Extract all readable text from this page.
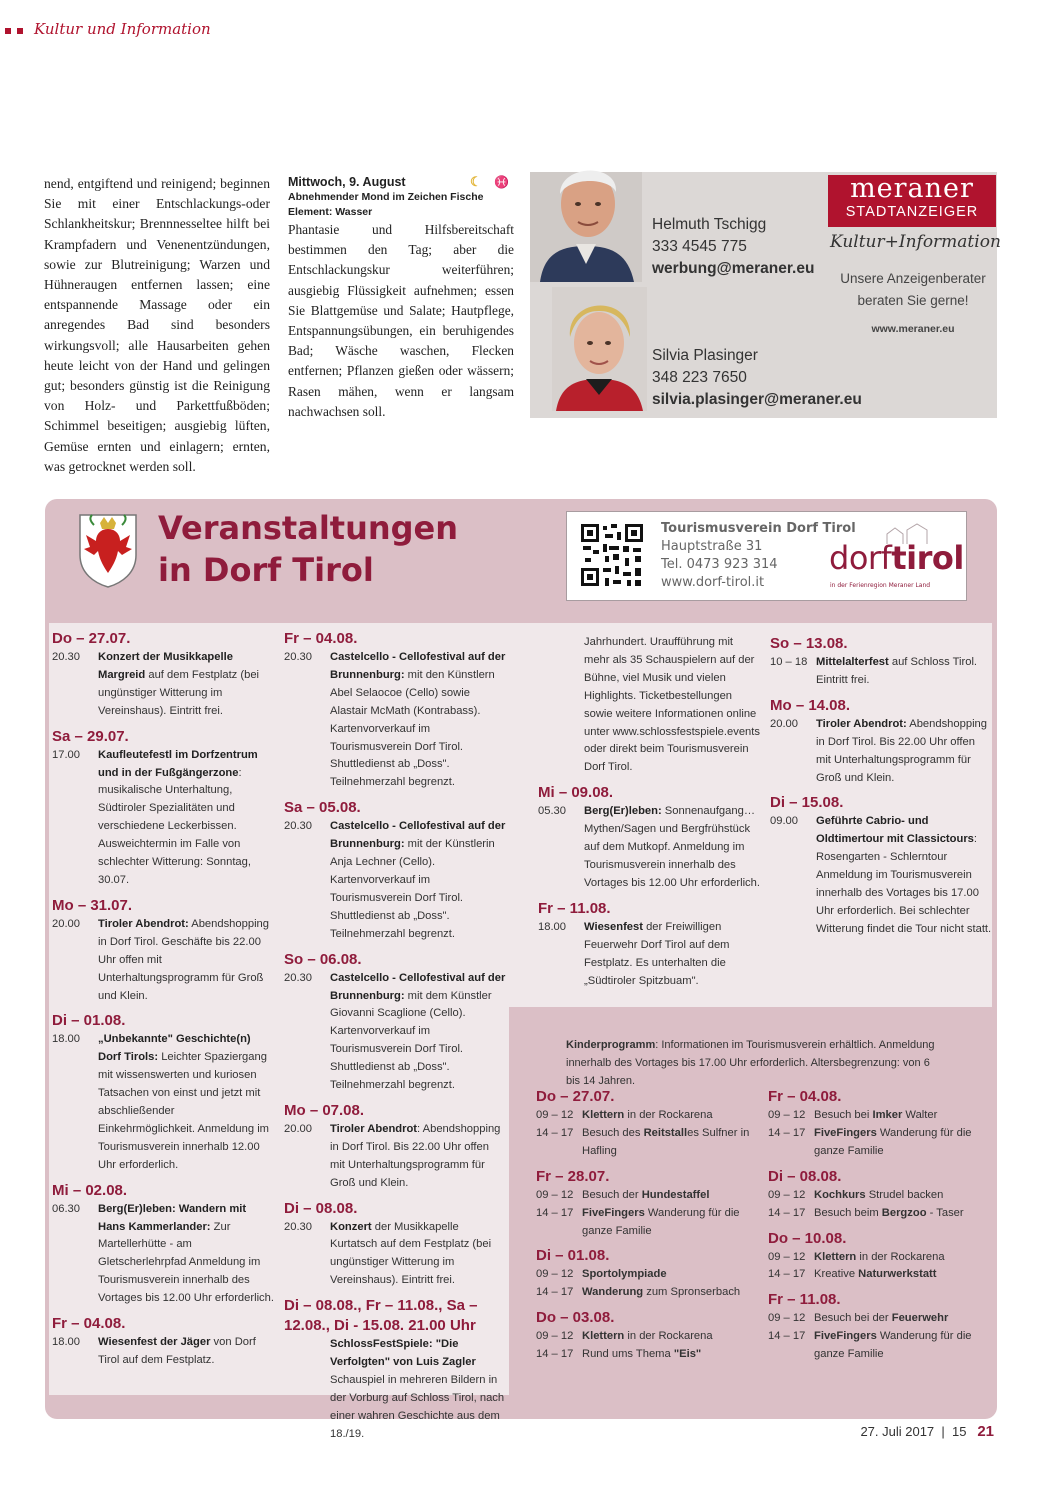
Kultur und Information

nend, entgiftend und reinigend; beginnen Sie mit einer Entschlackungs-oder Schlankheitskur; Brennnesseltee hilft bei Krampfadern und Venenentzündungen, sowie zur Blutreinigung; Warzen und Hühneraugen entfernen lassen; eine entspannende Massage oder ein anregendes Bad sind besonders wirkungsvoll; alle Hausarbeiten gehen heute leicht von der Hand und gelingen gut; besonders günstig ist die Reinigung von Holz- und Parkettfußböden; Schimmel beseitigen; ausgiebig lüften, Gemüse ernten und einlagern; ernten, was getrocknet werden soll.

Mittwoch, 9. August	☾ ♓
Abnehmender Mond im Zeichen Fische
Element: Wasser

Phantasie und Hilfsbereitschaft bestimmen den Tag; aber die Entschlackungskur weiterführen; ausgiebig Flüssigkeit aufnehmen; essen Sie Blattgemüse und Salate; Hautpflege, Entspannungsübungen, ein beruhigendes Bad; Wäsche waschen, Flecken entfernen; Pflanzen gießen oder wässern; Rasen mähen, wenn er langsam nachwachsen soll.

Helmuth Tschigg
333 4545 775
werbung@meraner.eu
Silvia Plasinger
348 223 7650
silvia.plasinger@meraner.eu
meraner
STADTANZEIGER
Kultur+Information
Unsere Anzeigenberater beraten Sie gerne!
www.meraner.eu
Veranstaltungen
in Dorf Tirol
Tourismusverein Dorf Tirol
Hauptstraße 31
Tel. 0473 923 314
www.dorf-tirol.it
dorftirol
in der Ferienregion Meraner Land
Do – 27.07.
20.30	Konzert der Musikkapelle Margreid auf dem Festplatz (bei ungünstiger Witterung im Vereinshaus). Eintritt frei.
Sa – 29.07.
17.00	Kaufleutefestl im Dorfzentrum und in der Fußgängerzone: musikalische Unterhaltung, Südtiroler Spezialitäten und verschiedene Leckerbissen. Ausweichtermin im Falle von schlechter Witterung: Sonntag, 30.07.
Mo – 31.07.
20.00	Tiroler Abendrot: Abendshopping in Dorf Tirol. Geschäfte bis 22.00 Uhr offen mit Unterhaltungsprogramm für Groß und Klein.
Di – 01.08.
18.00	„Unbekannte" Geschichte(n) Dorf Tirols: Leichter Spaziergang mit wissenswerten und kuriosen Tatsachen von einst und jetzt mit abschließender Einkehrmöglichkeit. Anmeldung im Tourismusverein innerhalb 12.00 Uhr erforderlich.
Mi – 02.08.
06.30	Berg(Er)leben: Wandern mit Hans Kammerlander: Zur Martellerhütte - am Gletscherlehrpfad Anmeldung im Tourismusverein innerhalb des Vortages bis 12.00 Uhr erforderlich.
Fr – 04.08.
18.00	Wiesenfest der Jäger von Dorf Tirol auf dem Festplatz.
Fr – 04.08.
20.30	Castelcello - Cellofestival auf der Brunnenburg: mit den Künstlern Abel Selaocoe (Cello) sowie Alastair McMath (Kontrabass). Kartenvorverkauf im Tourismusverein Dorf Tirol. Shuttledienst ab „Doss". Teilnehmerzahl begrenzt.
Sa – 05.08.
20.30	Castelcello - Cellofestival auf der Brunnenburg: mit der Künstlerin Anja Lechner (Cello). Kartenvorverkauf im Tourismusverein Dorf Tirol. Shuttledienst ab „Doss". Teilnehmerzahl begrenzt.
So – 06.08.
20.30	Castelcello - Cellofestival auf der Brunnenburg: mit dem Künstler Giovanni Scaglione (Cello). Kartenvorverkauf im Tourismusverein Dorf Tirol. Shuttledienst ab „Doss". Teilnehmerzahl begrenzt.
Mo – 07.08.
20.00	Tiroler Abendrot: Abendshopping in Dorf Tirol. Bis 22.00 Uhr offen mit Unterhaltungsprogramm für Groß und Klein.
Di – 08.08.
20.30	Konzert der Musikkapelle Kurtatsch auf dem Festplatz (bei ungünstiger Witterung im Vereinshaus). Eintritt frei.
Di – 08.08., Fr – 11.08., Sa – 12.08., Di - 15.08. 21.00 Uhr
SchlossFestSpiele: "Die Verfolgten" von Luis Zagler Schauspiel in mehreren Bildern in der Vorburg auf Schloss Tirol, nach einer wahren Geschichte aus dem 18./19.
Jahrhundert. Uraufführung mit mehr als 35 Schauspielern auf der Bühne, viel Musik und vielen Highlights. Ticketbestellungen sowie weitere Informationen online unter www.schlossfestspiele.events oder direkt beim Tourismusverein Dorf Tirol.
Mi – 09.08.
05.30	Berg(Er)leben: Sonnenaufgang… Mythen/Sagen und Bergfrühstück auf dem Mutkopf. Anmeldung im Tourismusverein innerhalb des Vortages bis 12.00 Uhr erforderlich.
Fr – 11.08.
18.00	Wiesenfest der Freiwilligen Feuerwehr Dorf Tirol auf dem Festplatz. Es unterhalten die „Südtiroler Spitzbuam".
So – 13.08.
10 – 18 Mittelalterfest auf Schloss Tirol. Eintritt frei.
Mo – 14.08.
20.00	Tiroler Abendrot: Abendshopping in Dorf Tirol. Bis 22.00 Uhr offen mit Unterhaltungsprogramm für Groß und Klein.
Di – 15.08.
09.00	Geführte Cabrio- und Oldtimertour mit Classictours: Rosengarten - Schlerntour Anmeldung im Tourismusverein innerhalb des Vortages bis 17.00 Uhr erforderlich. Bei schlechter Witterung findet die Tour nicht statt.
Kinderprogramm: Informationen im Tourismusverein erhältlich. Anmeldung innerhalb des Vortages bis 17.00 Uhr erforderlich. Altersbegrenzung: von 6 bis 14 Jahren.
Do – 27.07.
09 – 12 Klettern in der Rockarena
14 – 17 Besuch des Reitstalles Sulfner in Hafling
Fr – 28.07.
09 – 12 Besuch der Hundestaffel
14 – 17 FiveFingers Wanderung für die ganze Familie
Di – 01.08.
09 – 12 Sportolympiade
14 – 17 Wanderung zum Spronserbach
Do – 03.08.
09 – 12 Klettern in der Rockarena
14 – 17 Rund ums Thema "Eis"
Fr – 04.08.
09 – 12 Besuch bei Imker Walter
14 – 17 FiveFingers Wanderung für die ganze Familie
Di – 08.08.
09 – 12 Kochkurs Strudel backen
14 – 17 Besuch beim Bergzoo - Taser
Do – 10.08.
09 – 12 Klettern in der Rockarena
14 – 17 Kreative Naturwerkstatt
Fr – 11.08.
09 – 12 Besuch bei der Feuerwehr
14 – 17 FiveFingers Wanderung für die ganze Familie
27. Juli 2017  |  15 21
